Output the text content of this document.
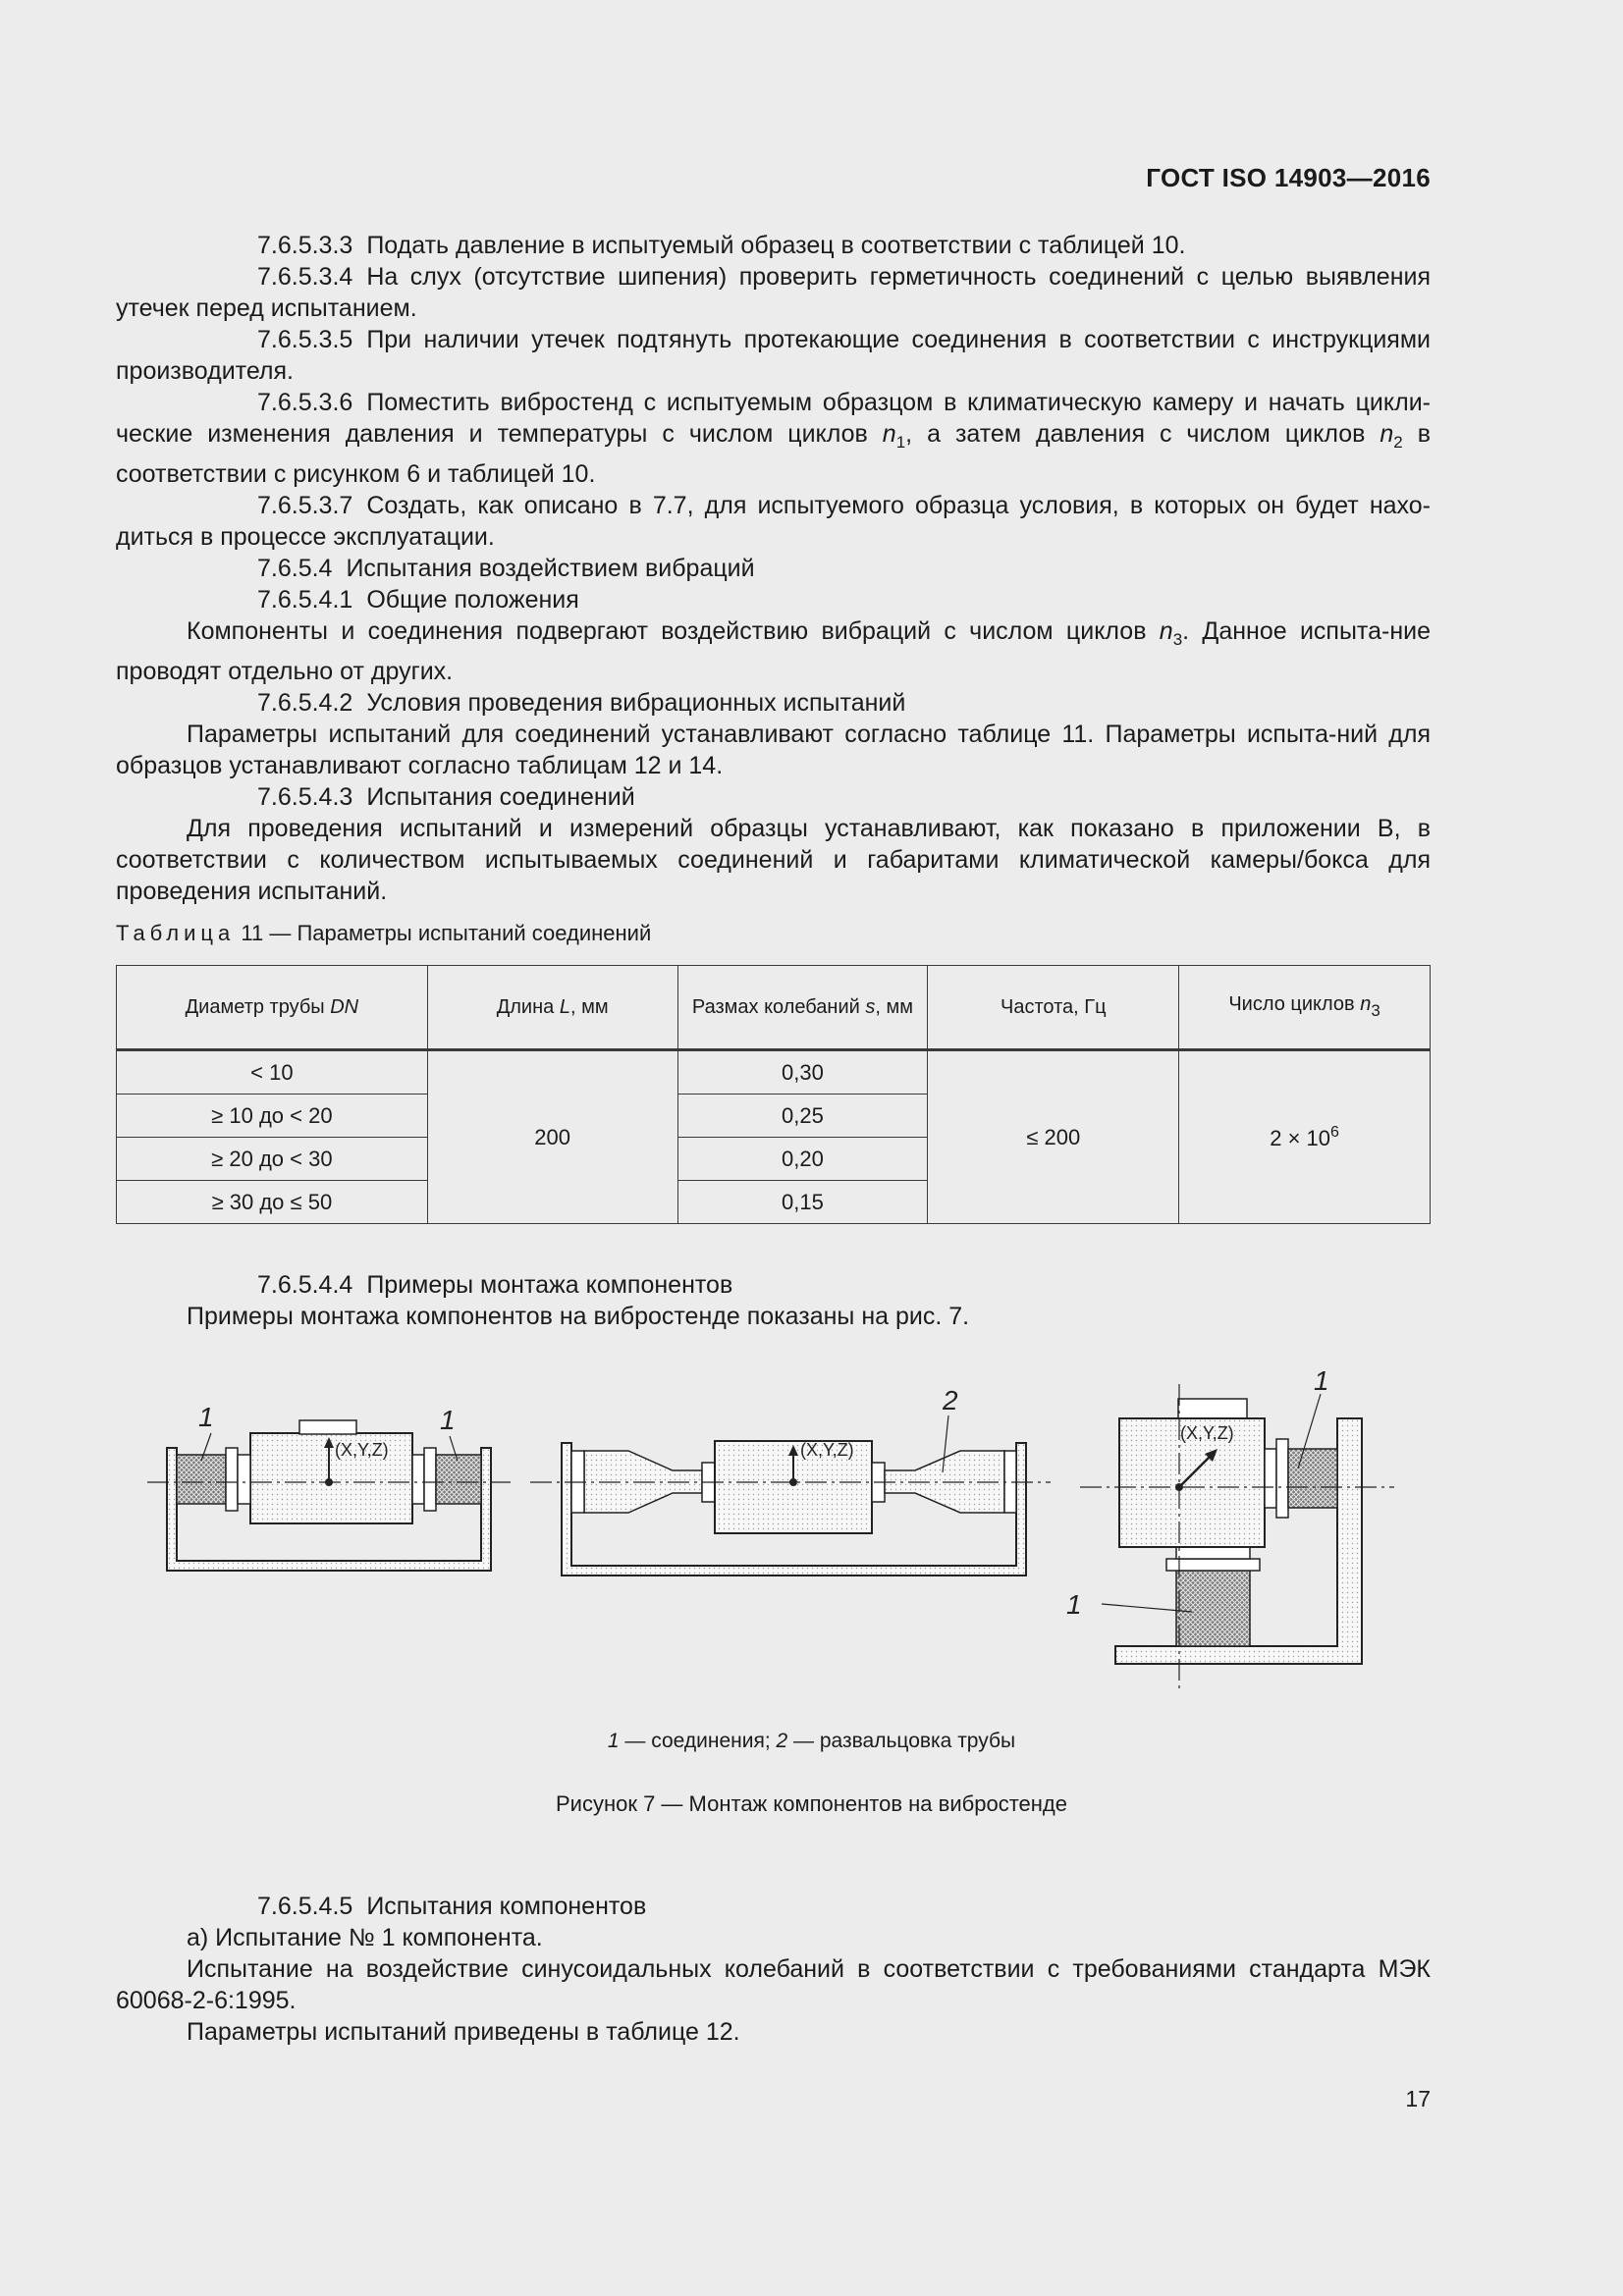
ГОСТ ISO 14903—2016

7.6.5.3.3 Подать давление в испытуемый образец в соответствии с таблицей 10.

7.6.5.3.4 На слух (отсутствие шипения) проверить герметичность соединений с целью выявления утечек перед испытанием.

7.6.5.3.5 При наличии утечек подтянуть протекающие соединения в соответствии с инструкциями производителя.

7.6.5.3.6 Поместить вибростенд с испытуемым образцом в климатическую камеру и начать цикли-ческие изменения давления и температуры с числом циклов $n_1$, а затем давления с числом циклов $n_2$ в соответствии с рисунком 6 и таблицей 10.

7.6.5.3.7 Создать, как описано в 7.7, для испытуемого образца условия, в которых он будет нахо-диться в процессе эксплуатации.

7.6.5.4 Испытания воздействием вибраций

7.6.5.4.1 Общие положения

Компоненты и соединения подвергают воздействию вибраций с числом циклов $n_3$. Данное испыта-ние проводят отдельно от других.

7.6.5.4.2 Условия проведения вибрационных испытаний

Параметры испытаний для соединений устанавливают согласно таблице 11. Параметры испыта-ний для образцов устанавливают согласно таблицам 12 и 14.

7.6.5.4.3 Испытания соединений

Для проведения испытаний и измерений образцы устанавливают, как показано в приложении В, в соответствии с количеством испытываемых соединений и габаритами климатической камеры/бокса для проведения испытаний.

Таблица 11 — Параметры испытаний соединений
Диаметр трубы DN	Длина L, мм	Размах колебаний s, мм	Частота, Гц	Число циклов $n_3$
< 10	200	0,30	≤ 200	$2 \times 10^6$
≥ 10 до < 20		0,25		
≥ 20 до < 30		0,20		
≥ 30 до ≤ 50		0,15		

7.6.5.4.4 Примеры монтажа компонентов

Примеры монтажа компонентов на вибростенде показаны на рис. 7.

(X,Y,Z)
1	1
(X,Y,Z)
2
(X,Y,Z)
1
1
1 — соединения; 2 — развальцовка трубы
Рисунок 7 — Монтаж компонентов на вибростенде

7.6.5.4.5 Испытания компонентов

а) Испытание № 1 компонента.

Испытание на воздействие синусоидальных колебаний в соответствии с требованиями стандарта МЭК 60068-2-6:1995.

Параметры испытаний приведены в таблице 12.

17
